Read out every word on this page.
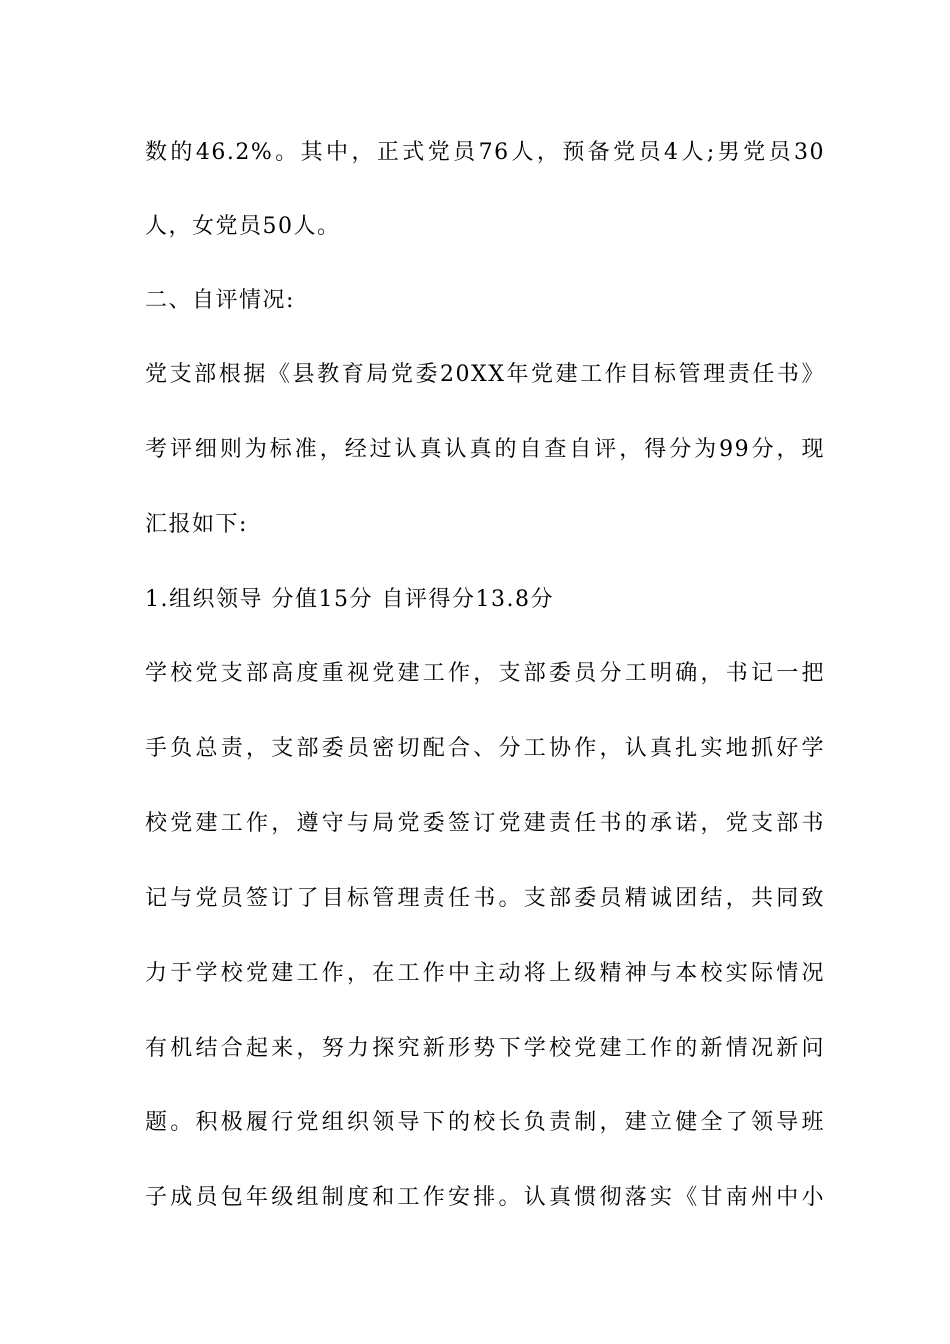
数的46.2%。其中，正式党员76人，预备党员4人;男党员30
人，女党员50人。
二、自评情况:
党支部根据《县教育局党委20XX年党建工作目标管理责任书》
考评细则为标准，经过认真认真的自查自评，得分为99分，现
汇报如下:
1.组织领导 分值15分 自评得分13.8分
学校党支部高度重视党建工作，支部委员分工明确，书记一把
手负总责，支部委员密切配合、分工协作，认真扎实地抓好学
校党建工作，遵守与局党委签订党建责任书的承诺，党支部书
记与党员签订了目标管理责任书。支部委员精诚团结，共同致
力于学校党建工作，在工作中主动将上级精神与本校实际情况
有机结合起来，努力探究新形势下学校党建工作的新情况新问
题。积极履行党组织领导下的校长负责制，建立健全了领导班
子成员包年级组制度和工作安排。认真惯彻落实《甘南州中小
